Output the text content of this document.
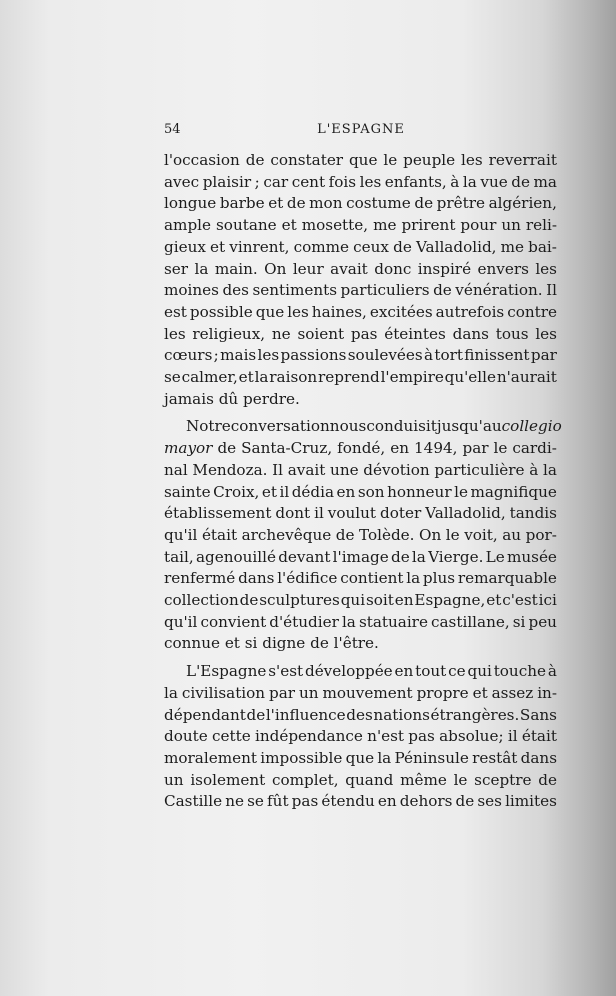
54	L'ESPAGNE
l'occasion de constater que le peuple les reverrait
avec plaisir ; car cent fois les enfants, à la vue de ma
longue barbe et de mon costume de prêtre algérien,
ample soutane et mosette, me prirent pour un reli-
gieux et vinrent, comme ceux de Valladolid, me bai-
ser la main. On leur avait donc inspiré envers les
moines des sentiments particuliers de vénération. Il
est possible que les haines, excitées autrefois contre
les religieux, ne soient pas éteintes dans tous les
cœurs ; mais les passions soulevées à tort finissent par
se calmer, et la raison reprend l'empire qu'elle n'aurait
jamais dû perdre.
Notre conversation nous conduisit jusqu'au collegio
mayor de Santa-Cruz, fondé, en 1494, par le cardi-
nal Mendoza. Il avait une dévotion particulière à la
sainte Croix, et il dédia en son honneur le magnifique
établissement dont il voulut doter Valladolid, tandis
qu'il était archevêque de Tolède. On le voit, au por-
tail, agenouillé devant l'image de la Vierge. Le musée
renfermé dans l'édifice contient la plus remarquable
collection de sculptures qui soit en Espagne, et c'est ici
qu'il convient d'étudier la statuaire castillane, si peu
connue et si digne de l'être.
L'Espagne s'est développée en tout ce qui touche à
la civilisation par un mouvement propre et assez in-
dépendant de l'influence des nations étrangères. Sans
doute cette indépendance n'est pas absolue; il était
moralement impossible que la Péninsule restât dans
un isolement complet, quand même le sceptre de
Castille ne se fût pas étendu en dehors de ses limites
